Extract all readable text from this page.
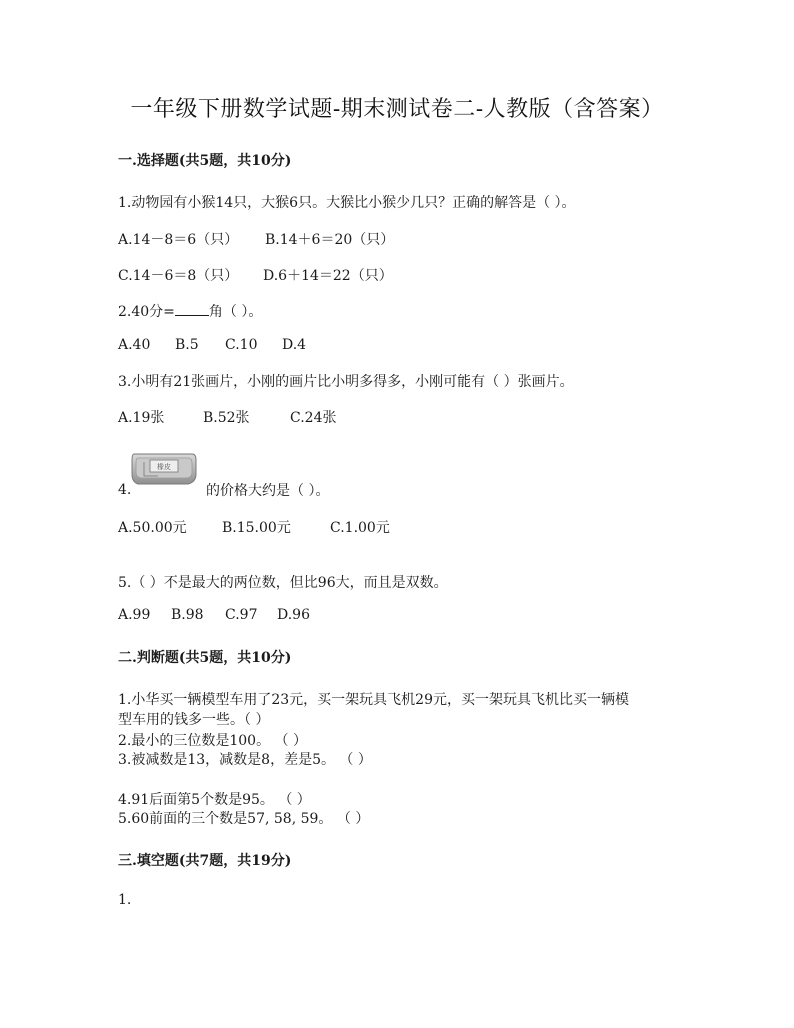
一年级下册数学试题-期末测试卷二-人教版（含答案）
一.选择题(共5题，共10分)
1.动物园有小猴14只，大猴6只。大猴比小猴少几只？正确的解答是（ ）。
A.14－8＝6（只） B.14＋6＝20（只）
C.14－6＝8（只） D.6＋14＝22（只）
2.40分= 角（ ）。
A.40 B.5 C.10 D.4
3.小明有21张画片，小刚的画片比小明多得多，小刚可能有（ ）张画片。
A.19张	B.52张	C.24张
橡皮
4.	的价格大约是（ ）。
A.50.00元	B.15.00元	C.1.00元
5.（ ）不是最大的两位数，但比96大，而且是双数。
A.99 B.98 C.97 D.96
二.判断题(共5题，共10分)
1.小华买一辆模型车用了23元，买一架玩具飞机29元，买一架玩具飞机比买一辆模
型车用的钱多一些。（ ）
2.最小的三位数是100。 （ ）
3.被减数是13，减数是8，差是5。 （ ）
4.91后面第5个数是95。 （ ）
5.60前面的三个数是57, 58, 59。 （ ）
三.填空题(共7题，共19分)
1.
